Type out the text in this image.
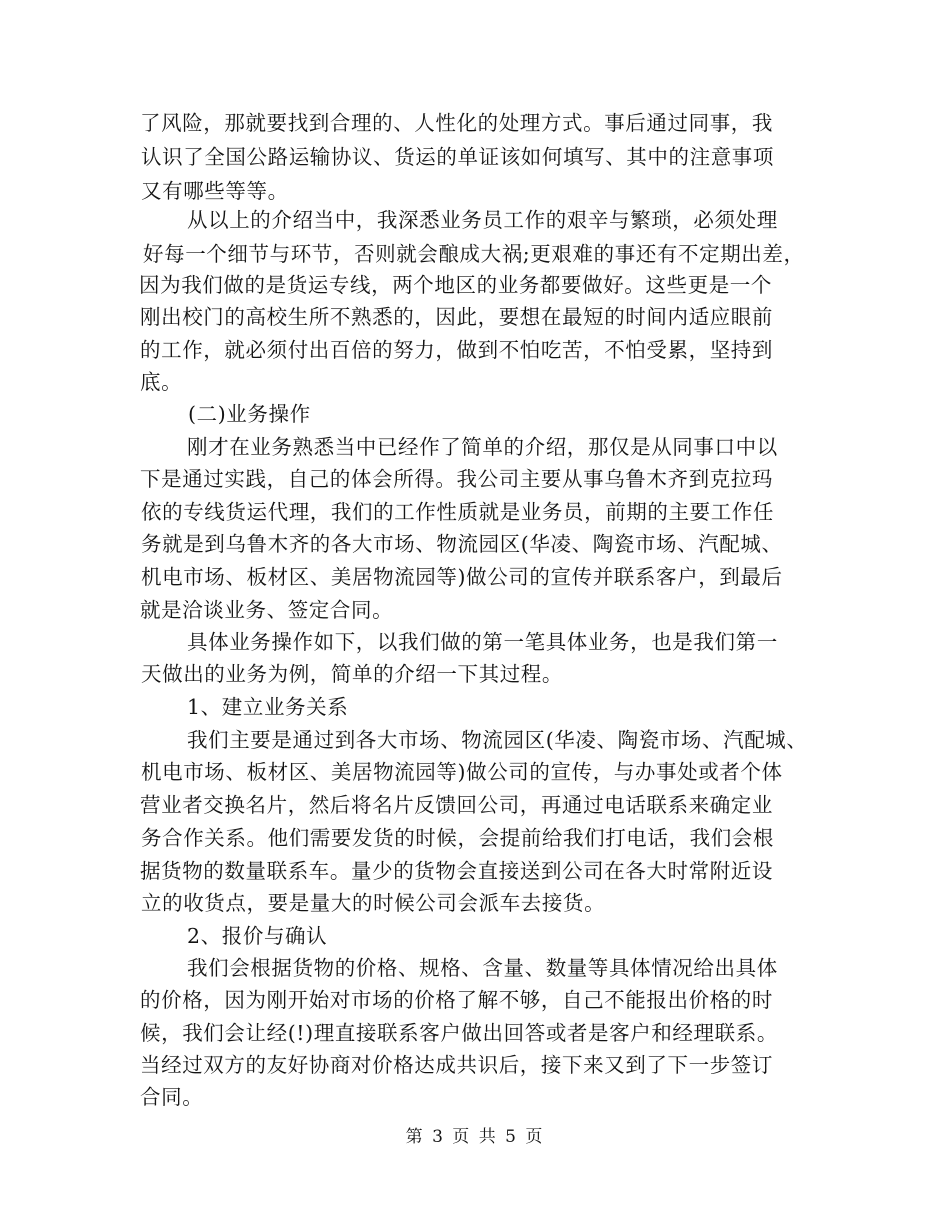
了风险，那就要找到合理的、人性化的处理方式。事后通过同事，我
认识了全国公路运输协议、货运的单证该如何填写、其中的注意事项
又有哪些等等。
从以上的介绍当中，我深悉业务员工作的艰辛与繁琐，必须处理
好每一个细节与环节，否则就会酿成大祸;更艰难的事还有不定期出差，
因为我们做的是货运专线，两个地区的业务都要做好。这些更是一个
刚出校门的高校生所不熟悉的，因此，要想在最短的时间内适应眼前
的工作，就必须付出百倍的努力，做到不怕吃苦，不怕受累，坚持到
底。
(二)业务操作
刚才在业务熟悉当中已经作了简单的介绍，那仅是从同事口中以
下是通过实践，自己的体会所得。我公司主要从事乌鲁木齐到克拉玛
依的专线货运代理，我们的工作性质就是业务员，前期的主要工作任
务就是到乌鲁木齐的各大市场、物流园区(华凌、陶瓷市场、汽配城、
机电市场、板材区、美居物流园等)做公司的宣传并联系客户，到最后
就是洽谈业务、签定合同。
具体业务操作如下，以我们做的第一笔具体业务，也是我们第一
天做出的业务为例，简单的介绍一下其过程。
1、建立业务关系
我们主要是通过到各大市场、物流园区(华凌、陶瓷市场、汽配城、
机电市场、板材区、美居物流园等)做公司的宣传，与办事处或者个体
营业者交换名片，然后将名片反馈回公司，再通过电话联系来确定业
务合作关系。他们需要发货的时候，会提前给我们打电话，我们会根
据货物的数量联系车。量少的货物会直接送到公司在各大时常附近设
立的收货点，要是量大的时候公司会派车去接货。
2、报价与确认
我们会根据货物的价格、规格、含量、数量等具体情况给出具体
的价格，因为刚开始对市场的价格了解不够，自己不能报出价格的时
候，我们会让经(!)理直接联系客户做出回答或者是客户和经理联系。
当经过双方的友好协商对价格达成共识后，接下来又到了下一步签订
合同。
第 3 页 共 5 页
